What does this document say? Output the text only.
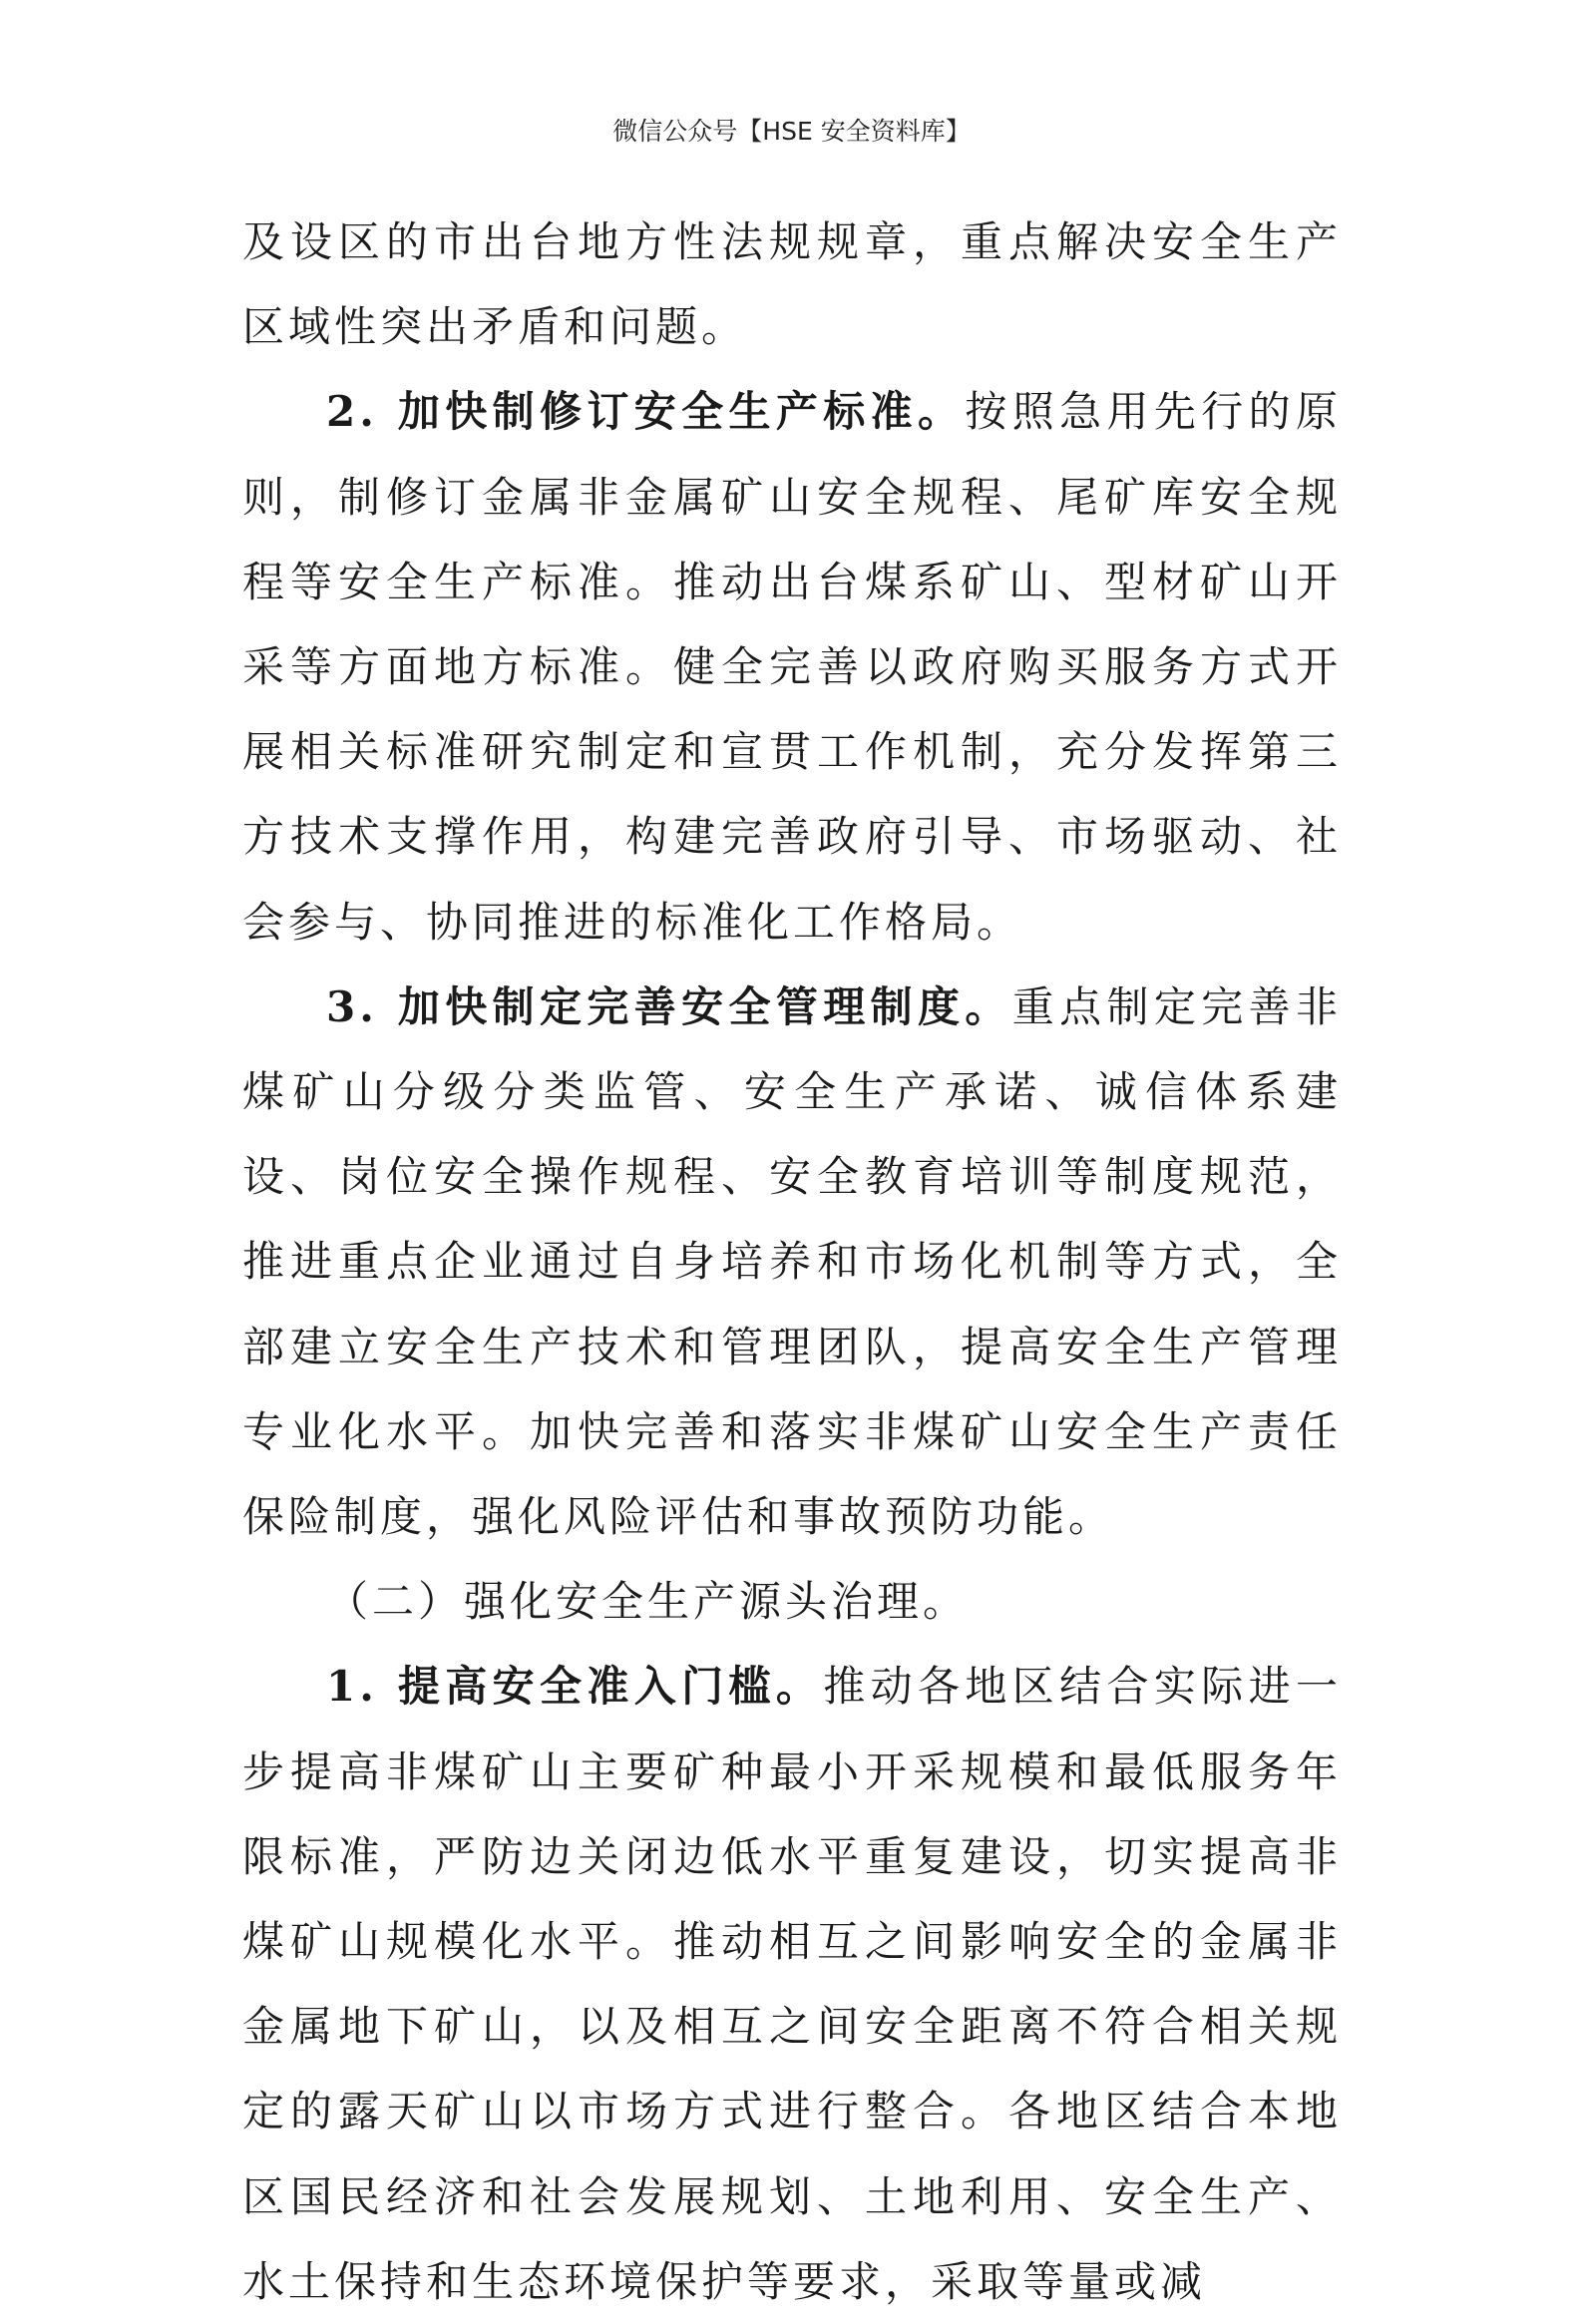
微信公众号【HSE 安全资料库】

及设区的市出台地方性法规规章，重点解决安全生产区域性突出矛盾和问题。

2. 加快制修订安全生产标准。按照急用先行的原则，制修订金属非金属矿山安全规程、尾矿库安全规程等安全生产标准。推动出台煤系矿山、型材矿山开采等方面地方标准。健全完善以政府购买服务方式开展相关标准研究制定和宣贯工作机制，充分发挥第三方技术支撑作用，构建完善政府引导、市场驱动、社会参与、协同推进的标准化工作格局。

3. 加快制定完善安全管理制度。重点制定完善非煤矿山分级分类监管、安全生产承诺、诚信体系建设、岗位安全操作规程、安全教育培训等制度规范，推进重点企业通过自身培养和市场化机制等方式，全部建立安全生产技术和管理团队，提高安全生产管理专业化水平。加快完善和落实非煤矿山安全生产责任保险制度，强化风险评估和事故预防功能。

（二）强化安全生产源头治理。

1. 提高安全准入门槛。推动各地区结合实际进一步提高非煤矿山主要矿种最小开采规模和最低服务年限标准，严防边关闭边低水平重复建设，切实提高非煤矿山规模化水平。推动相互之间影响安全的金属非金属地下矿山，以及相互之间安全距离不符合相关规定的露天矿山以市场方式进行整合。各地区结合本地区国民经济和社会发展规划、土地利用、安全生产、水土保持和生态环境保护等要求，采取等量或减
